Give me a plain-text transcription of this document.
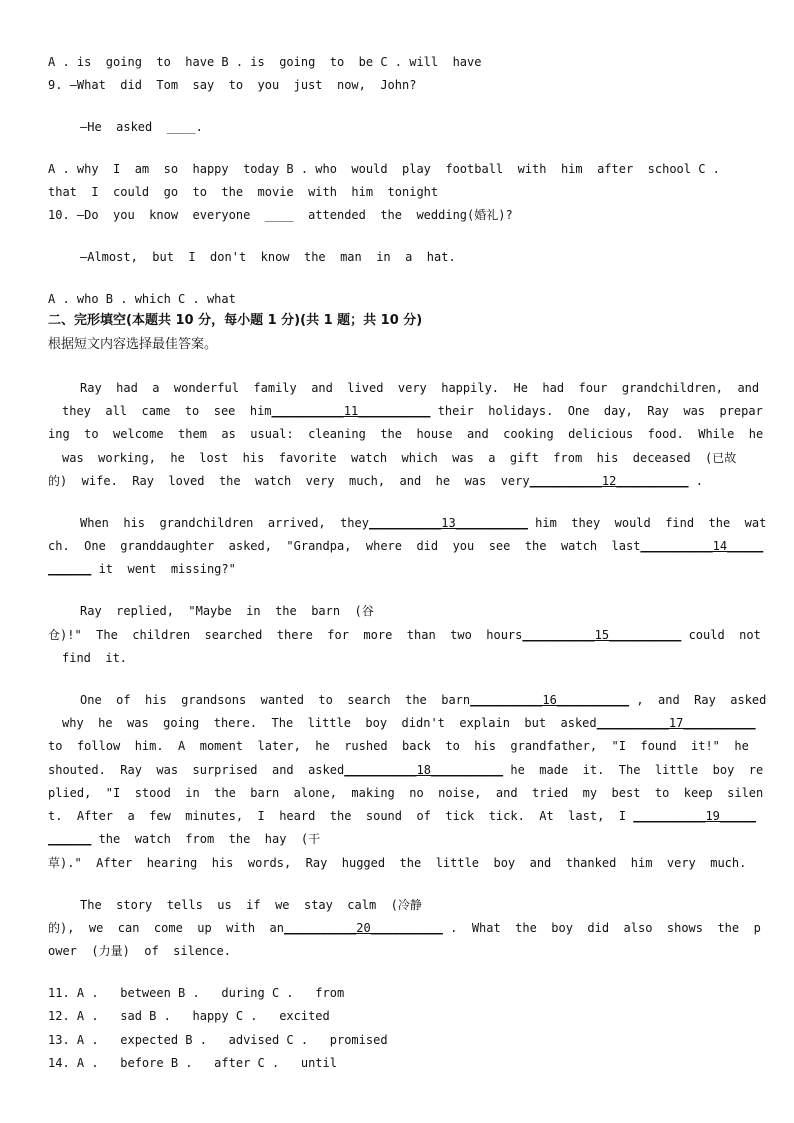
A . is  going  to  have B . is  going  to  be C . will  have
9. —What  did  Tom  say  to  you  just  now,  John?
—He  asked  ____.
A . why  I  am  so  happy  today B . who  would  play  football  with  him  after  school C .
that  I  could  go  to  the  movie  with  him  tonight
10. —Do  you  know  everyone  ____  attended  the  wedding(婚礼)?
—Almost,  but  I  don't  know  the  man  in  a  hat.
A . who B . which C . what
二、完形填空(本题共 10 分，每小题 1 分)(共 1 题；共 10 分)
根据短文内容选择最佳答案。
Ray  had  a  wonderful  family  and  lived  very  happily.  He  had  four  grandchildren,  and
they  all  came  to  see  him__________11__________ their  holidays.  One  day,  Ray  was  prepar
ing  to  welcome  them  as  usual:  cleaning  the  house  and  cooking  delicious  food.  While  he
was  working,  he  lost  his  favorite  watch  which  was  a  gift  from  his  deceased  (已故
的)  wife.  Ray  loved  the  watch  very  much,  and  he  was  very__________12__________ .
When  his  grandchildren  arrived,  they__________13__________ him  they  would  find  the  wat
ch.  One  granddaughter  asked,  "Grandpa,  where  did  you  see  the  watch  last__________14_____
______ it  went  missing?"
Ray  replied,  "Maybe  in  the  barn  (谷
仓)!"  The  children  searched  there  for  more  than  two  hours__________15__________ could  not
find  it.
One  of  his  grandsons  wanted  to  search  the  barn__________16__________ ,  and  Ray  asked
why  he  was  going  there.  The  little  boy  didn't  explain  but  asked__________17__________
to  follow  him.  A  moment  later,  he  rushed  back  to  his  grandfather,  "I  found  it!"  he
shouted.  Ray  was  surprised  and  asked__________18__________ he  made  it.  The  little  boy  re
plied,  "I  stood  in  the  barn  alone,  making  no  noise,  and  tried  my  best  to  keep  silen
t.  After  a  few  minutes,  I  heard  the  sound  of  tick  tick.  At  last,  I __________19_____
______ the  watch  from  the  hay  (干
草)."  After  hearing  his  words,  Ray  hugged  the  little  boy  and  thanked  him  very  much.
The  story  tells  us  if  we  stay  calm  (冷静
的),  we  can  come  up  with  an__________20__________ .  What  the  boy  did  also  shows  the  p
ower  (力量)  of  silence.
11. A .   between B .   during C .   from
12. A .   sad B .   happy C .   excited
13. A .   expected B .   advised C .   promised
14. A .   before B .   after C .   until
